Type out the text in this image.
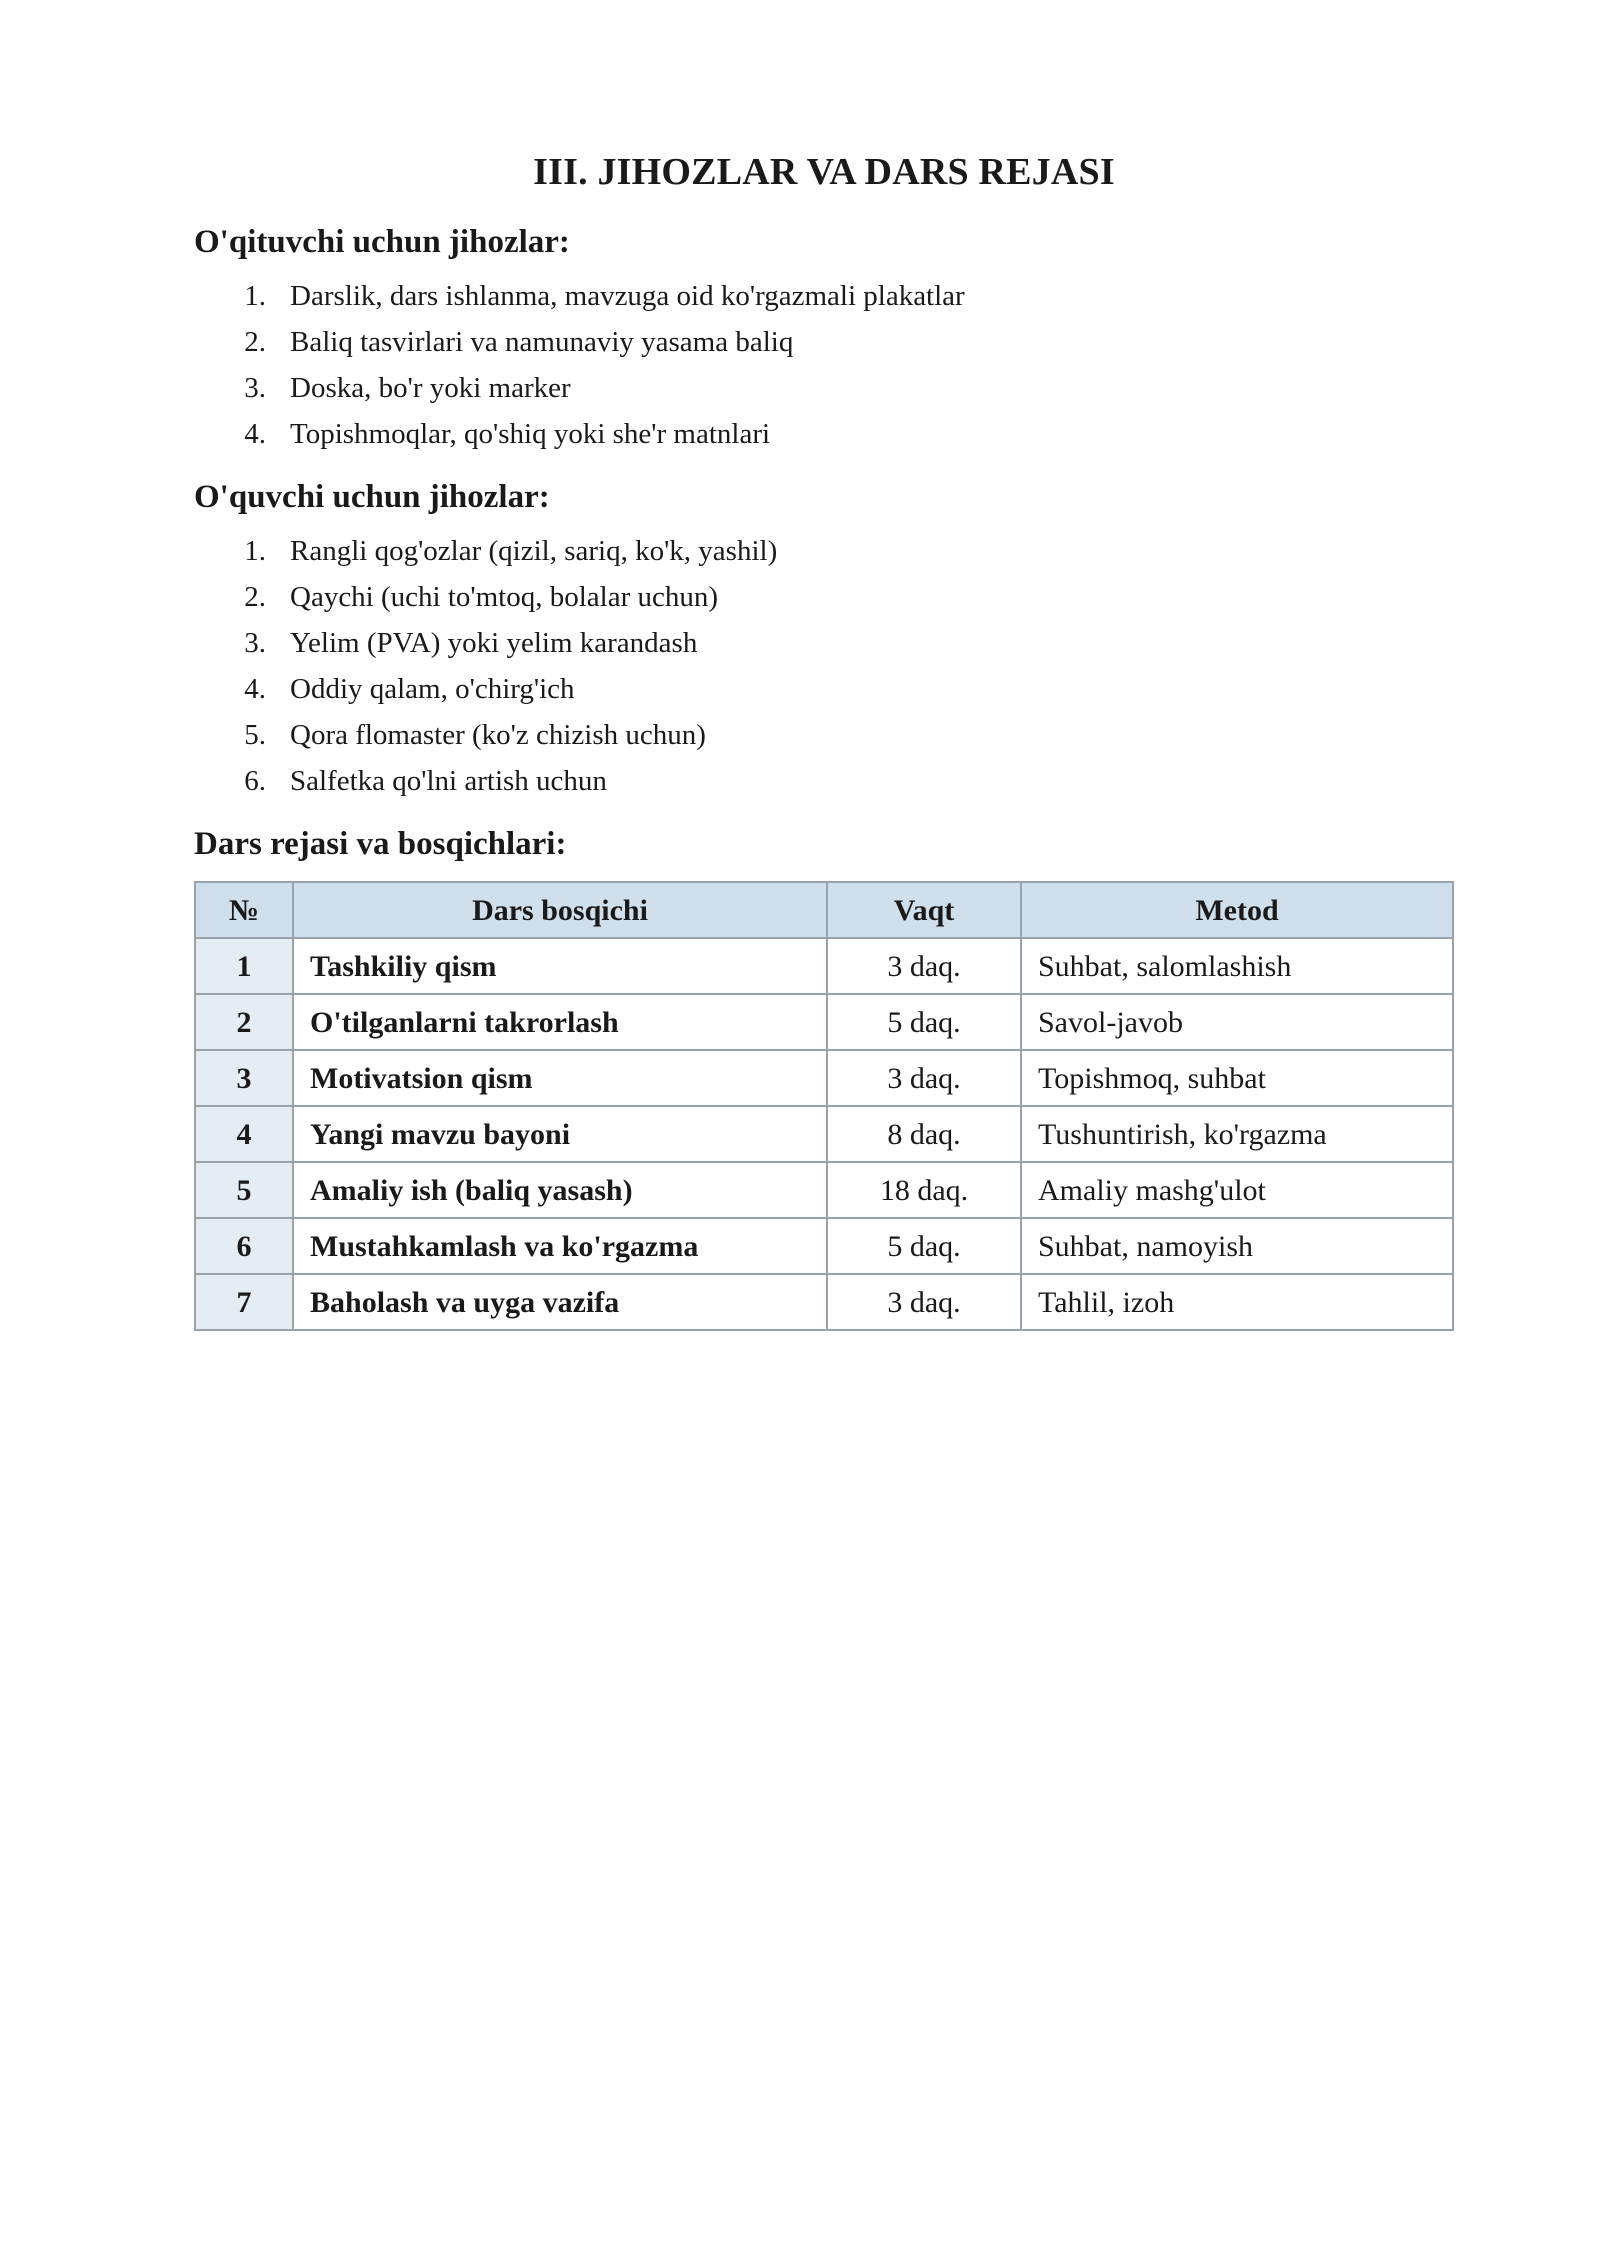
III. JIHOZLAR VA DARS REJASI
O'qituvchi uchun jihozlar:
1. Darslik, dars ishlanma, mavzuga oid ko'rgazmali plakatlar
2. Baliq tasvirlari va namunaviy yasama baliq
3. Doska, bo'r yoki marker
4. Topishmoqlar, qo'shiq yoki she'r matnlari
O'quvchi uchun jihozlar:
1. Rangli qog'ozlar (qizil, sariq, ko'k, yashil)
2. Qaychi (uchi to'mtoq, bolalar uchun)
3. Yelim (PVA) yoki yelim karandash
4. Oddiy qalam, o'chirg'ich
5. Qora flomaster (ko'z chizish uchun)
6. Salfetka qo'lni artish uchun
Dars rejasi va bosqichlari:
№	Dars bosqichi	Vaqt	Metod
1	Tashkiliy qism	3 daq.	Suhbat, salomlashish
2	O'tilganlarni takrorlash	5 daq.	Savol-javob
3	Motivatsion qism	3 daq.	Topishmoq, suhbat
4	Yangi mavzu bayoni	8 daq.	Tushuntirish, ko'rgazma
5	Amaliy ish (baliq yasash)	18 daq.	Amaliy mashg'ulot
6	Mustahkamlash va ko'rgazma	5 daq.	Suhbat, namoyish
7	Baholash va uyga vazifa	3 daq.	Tahlil, izoh
